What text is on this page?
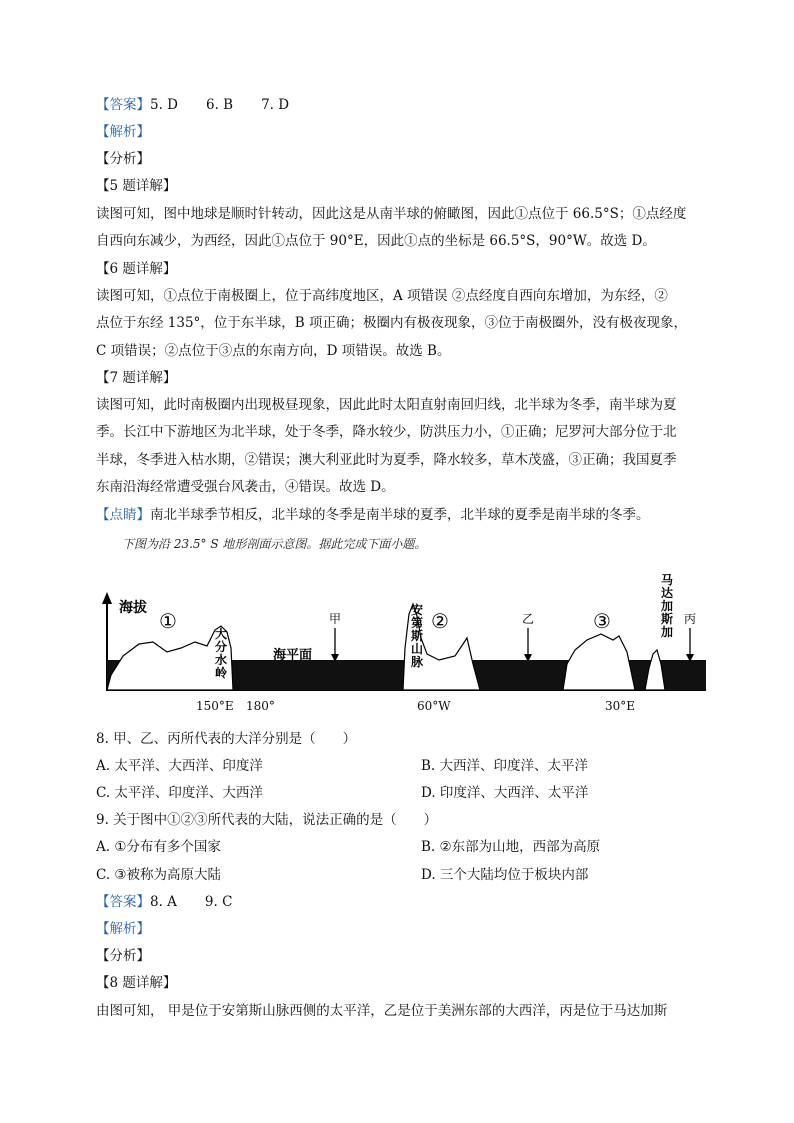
【答案】5. D 6. B 7. D
【解析】
【分析】
【5 题详解】
读图可知，图中地球是顺时针转动，因此这是从南半球的俯瞰图，因此①点位于 66.5°S；①点经度
自西向东减少，为西经，因此①点位于 90°E，因此①点的坐标是 66.5°S，90°W。故选 D。
【6 题详解】
读图可知，①点位于南极圈上，位于高纬度地区，A 项错误 ②点经度自西向东增加，为东经，②
点位于东经 135°，位于东半球，B 项正确；极圈内有极夜现象，③位于南极圈外，没有极夜现象，
C 项错误；②点位于③点的东南方向，D 项错误。故选 B。
【7 题详解】
读图可知，此时南极圈内出现极昼现象，因此此时太阳直射南回归线，北半球为冬季，南半球为夏
季。长江中下游地区为北半球，处于冬季，降水较少，防洪压力小，①正确；尼罗河大部分位于北
半球，冬季进入枯水期，②错误；澳大利亚此时为夏季，降水较多，草木茂盛，③正确；我国夏季
东南沿海经常遭受强台风袭击，④错误。故选 D。
【点睛】南北半球季节相反，北半球的冬季是南半球的夏季，北半球的夏季是南半球的冬季。
下图为沿 23.5° S 地形剖面示意图。据此完成下面小题。
海拔
①	②	③
海平面
甲	乙	丙
大分水岭
安第斯山脉
马达加斯加
150°E 180°	60°W	30°E
8. 甲、乙、丙所代表的大洋分别是（　　）
A. 太平洋、大西洋、印度洋	B. 大西洋、印度洋、太平洋
C. 太平洋、印度洋、大西洋	D. 印度洋、大西洋、太平洋
9. 关于图中①②③所代表的大陆，说法正确的是（　　）
A. ①分布有多个国家	B. ②东部为山地，西部为高原
C. ③被称为高原大陆	D. 三个大陆均位于板块内部
【答案】8. A 9. C
【解析】
【分析】
【8 题详解】
由图可知， 甲是位于安第斯山脉西侧的太平洋，乙是位于美洲东部的大西洋，丙是位于马达加斯
